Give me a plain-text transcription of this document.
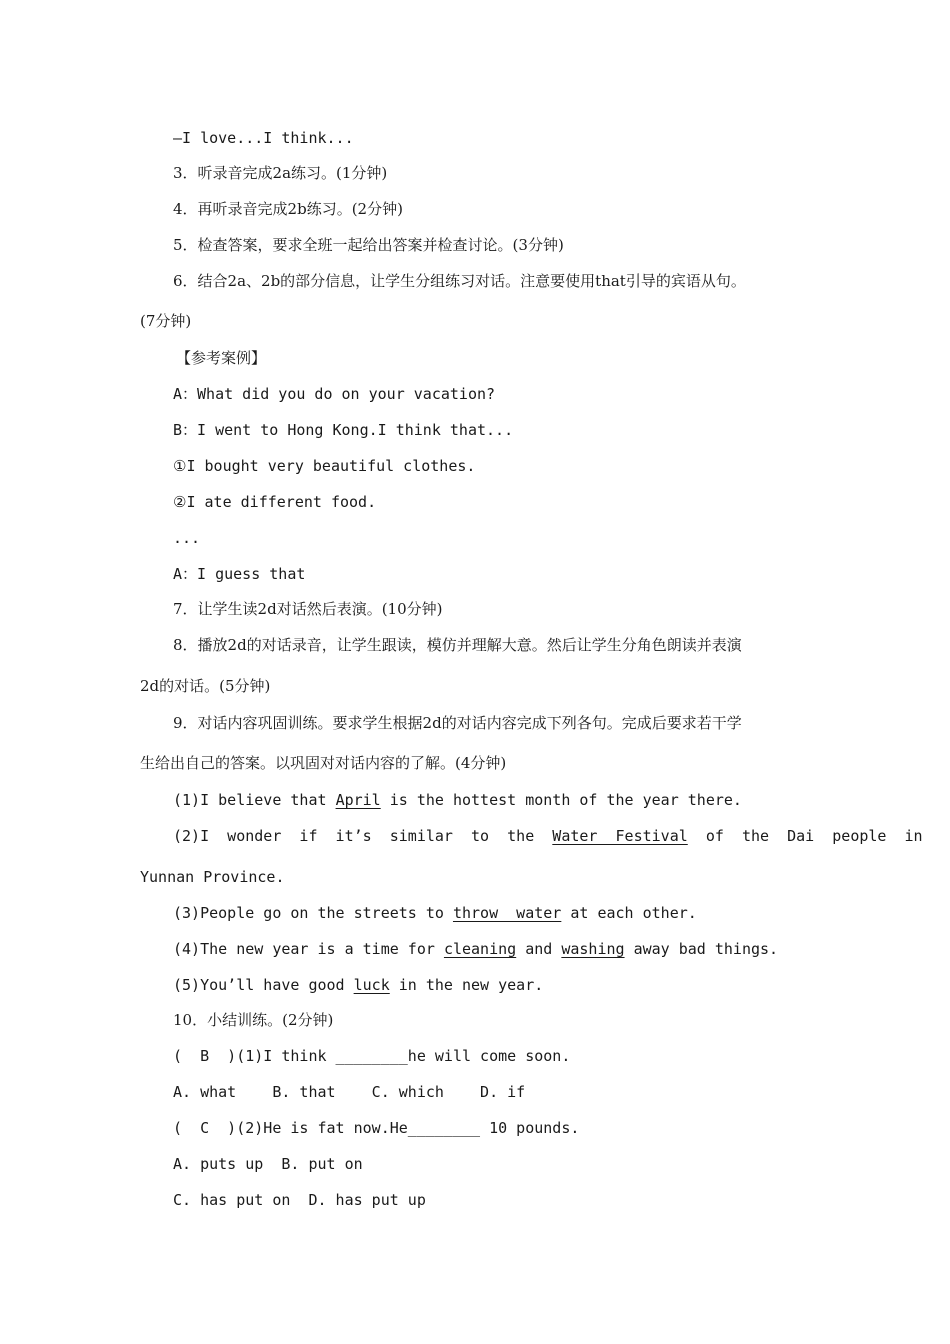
—I love...I think...
3．听录音完成2a练习。(1分钟)
4．再听录音完成2b练习。(2分钟)
5．检查答案，要求全班一起给出答案并检查讨论。(3分钟)
6．结合2a、2b的部分信息，让学生分组练习对话。注意要使用that引导的宾语从句。
(7分钟)
【参考案例】
A：What did you do on your vacation?
B：I went to Hong Kong.I think that...
①I bought very beautiful clothes.
②I ate different food.
...
A：I guess that
7．让学生读2d对话然后表演。(10分钟)
8．播放2d的对话录音，让学生跟读，模仿并理解大意。然后让学生分角色朗读并表演
2d的对话。(5分钟)
9．对话内容巩固训练。要求学生根据2d的对话内容完成下列各句。完成后要求若干学
生给出自己的答案。以巩固对对话内容的了解。(4分钟)
(1)I believe that April is the hottest month of the year there.
(2)I  wonder  if  it’s  similar  to  the  Water  Festival  of  the  Dai  people  in
Yunnan Province.
(3)People go on the streets to throw  water at each other.
(4)The new year is a time for cleaning and washing away bad things.
(5)You’ll have good luck in the new year.
10．小结训练。(2分钟)
(  B  )(1)I think ________he will come soon.
A. what    B. that    C. which    D. if
(  C  )(2)He is fat now.He________ 10 pounds.
A. puts up  B. put on
C. has put on  D. has put up
